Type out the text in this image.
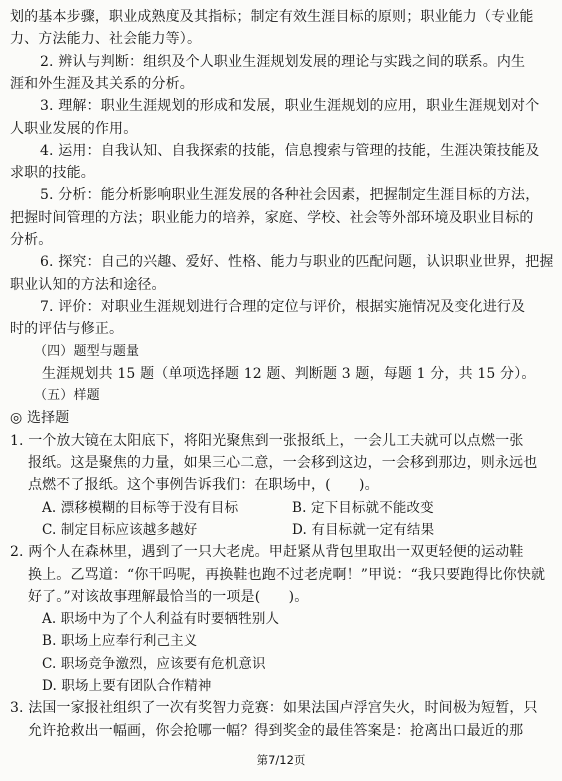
划的基本步骤，职业成熟度及其指标；制定有效生涯目标的原则；职业能力（专业能
力、方法能力、社会能力等）。
2. 辨认与判断：组织及个人职业生涯规划发展的理论与实践之间的联系。内生
涯和外生涯及其关系的分析。
3. 理解：职业生涯规划的形成和发展，职业生涯规划的应用，职业生涯规划对个
人职业发展的作用。
4. 运用：自我认知、自我探索的技能，信息搜索与管理的技能，生涯决策技能及
求职的技能。
5. 分析：能分析影响职业生涯发展的各种社会因素，把握制定生涯目标的方法，
把握时间管理的方法；职业能力的培养，家庭、学校、社会等外部环境及职业目标的
分析。
6. 探究：自己的兴趣、爱好、性格、能力与职业的匹配问题，认识职业世界，把握
职业认知的方法和途径。
7. 评价：对职业生涯规划进行合理的定位与评价，根据实施情况及变化进行及
时的评估与修正。
（四）题型与题量
生涯规划共 15 题（单项选择题 12 题、判断题 3 题，每题 1 分，共 15 分）。
（五）样题
◎ 选择题
1. 一个放大镜在太阳底下，将阳光聚焦到一张报纸上，一会儿工夫就可以点燃一张
报纸。这是聚焦的力量，如果三心二意，一会移到这边，一会移到那边，则永远也
点燃不了报纸。这个事例告诉我们：在职场中，(　　)。
A. 漂移模糊的目标等于没有目标	B. 定下目标就不能改变
C. 制定目标应该越多越好	D. 有目标就一定有结果
2. 两个人在森林里，遇到了一只大老虎。甲赶紧从背包里取出一双更轻便的运动鞋
换上。乙骂道：“你干吗呢，再换鞋也跑不过老虎啊！”甲说：“我只要跑得比你快就
好了。”对该故事理解最恰当的一项是(　　)。
A. 职场中为了个人利益有时要牺牲别人
B. 职场上应奉行利己主义
C. 职场竞争激烈，应该要有危机意识
D. 职场上要有团队合作精神
3. 法国一家报社组织了一次有奖智力竞赛：如果法国卢浮宫失火，时间极为短暂，只
允许抢救出一幅画，你会抢哪一幅？得到奖金的最佳答案是：抢离出口最近的那
第7/12页
